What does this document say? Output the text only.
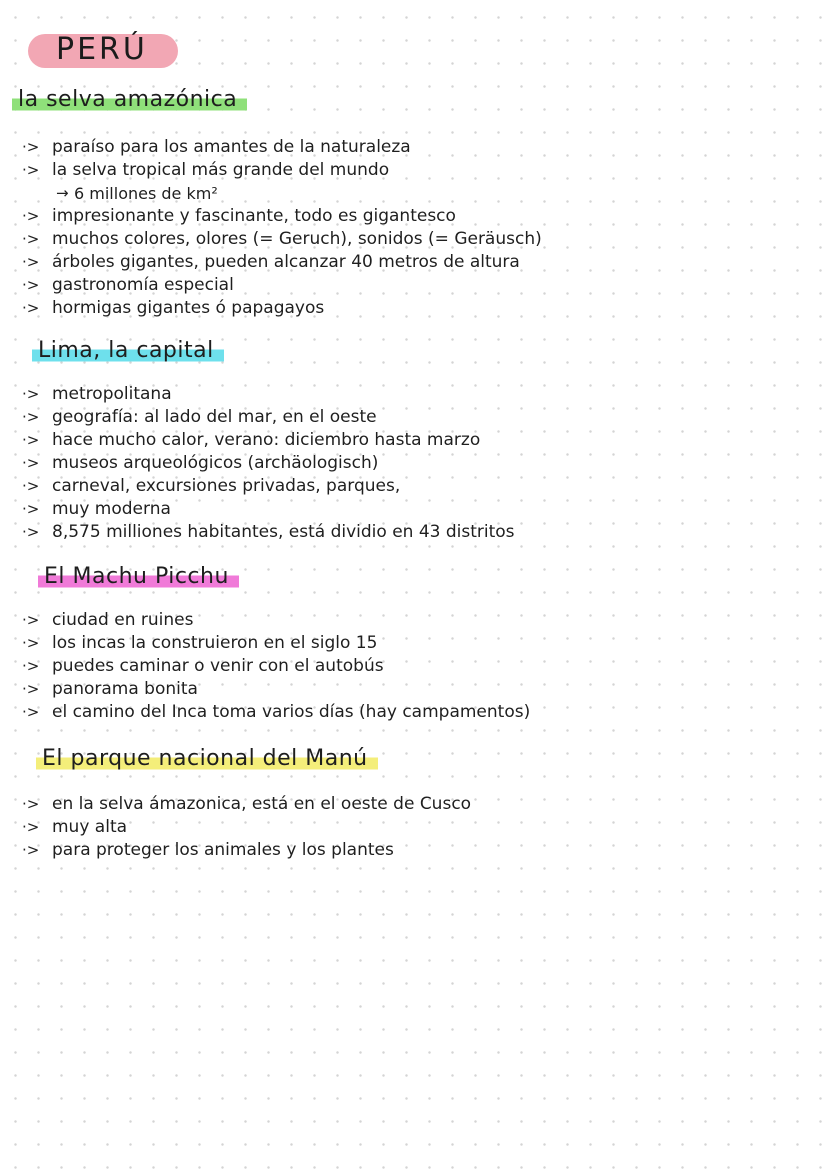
PERÚ
la selva amazónica
·> paraíso para los amantes de la naturaleza
·> la selva tropical más grande del mundo
→ 6 millones de km²
·> impresionante y fascinante, todo es gigantesco
·> muchos colores, olores (= Geruch), sonidos (= Geräusch)
·> árboles gigantes, pueden alcanzar 40 metros de altura
·> gastronomía especial
·> hormigas gigantes ó papagayos
Lima, la capital
·> metropolitana
·> geografía: al lado del mar, en el oeste
·> hace mucho calor, verano: diciembro hasta marzo
·> museos arqueológicos (archäologisch)
·> carneval, excursiones privadas, parques,
·> muy moderna
·> 8,575 milliones habitantes, está dividio en 43 distritos
El Machu Picchu
·> ciudad en ruines
·> los incas la construieron en el siglo 15
·> puedes caminar o venir con el autobús
·> panorama bonita
·> el camino del Inca toma varios días (hay campamentos)
El parque nacional del Manú
·> en la selva ámazonica, está en el oeste de Cusco
·> muy alta
·> para proteger los animales y los plantes
